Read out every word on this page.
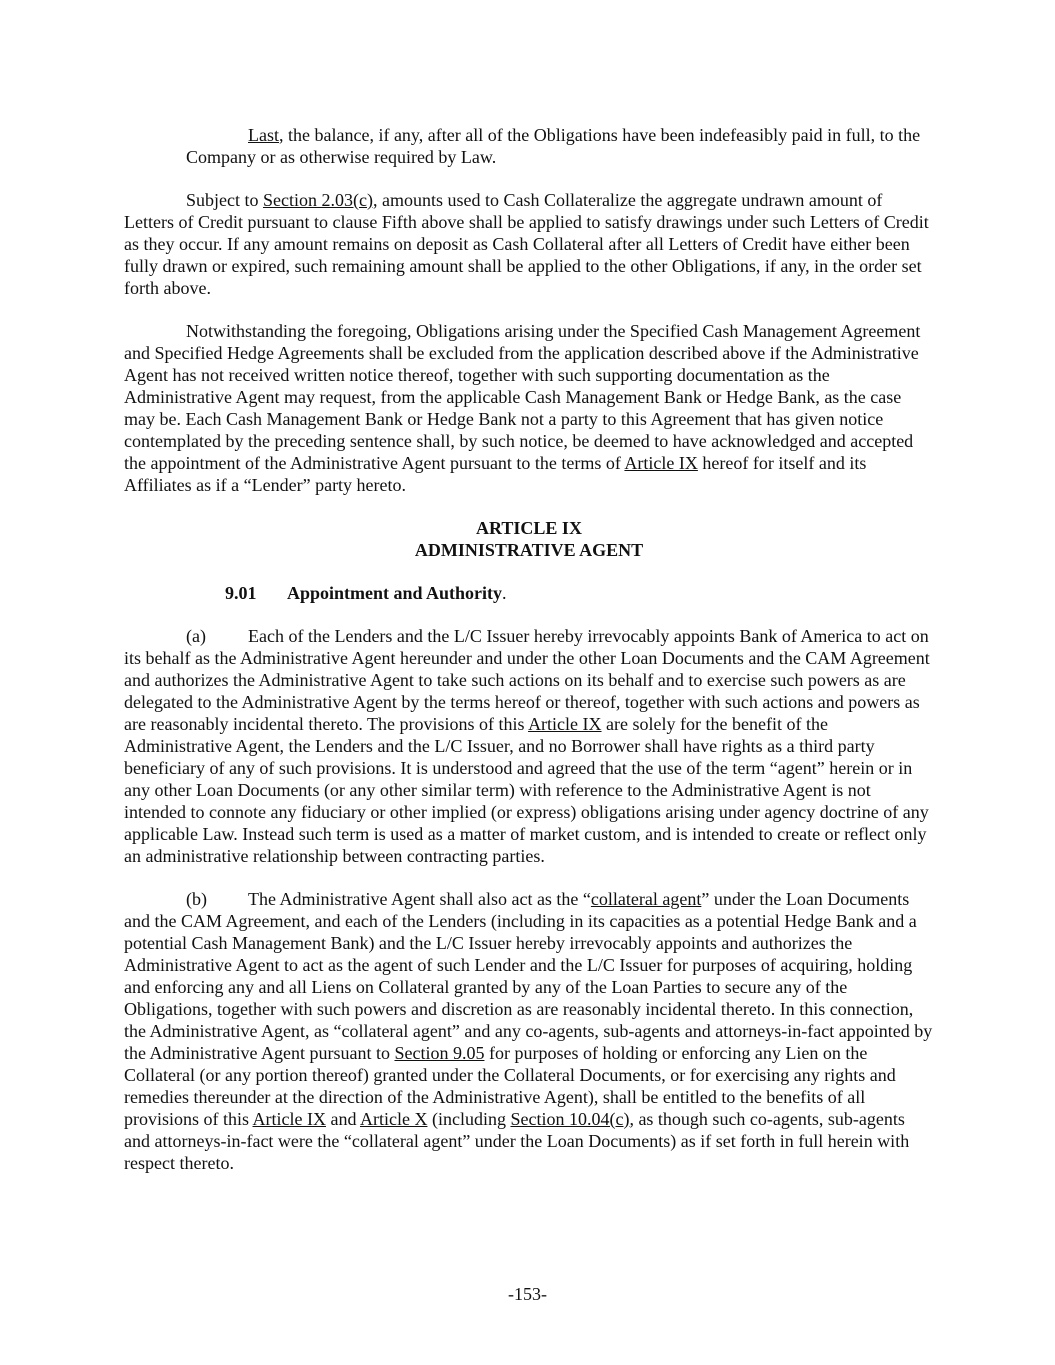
Last, the balance, if any, after all of the Obligations have been indefeasibly paid in full, to the Company or as otherwise required by Law.

Subject to Section 2.03(c), amounts used to Cash Collateralize the aggregate undrawn amount of Letters of Credit pursuant to clause Fifth above shall be applied to satisfy drawings under such Letters of Credit as they occur. If any amount remains on deposit as Cash Collateral after all Letters of Credit have either been fully drawn or expired, such remaining amount shall be applied to the other Obligations, if any, in the order set forth above.

Notwithstanding the foregoing, Obligations arising under the Specified Cash Management Agreement and Specified Hedge Agreements shall be excluded from the application described above if the Administrative Agent has not received written notice thereof, together with such supporting documentation as the Administrative Agent may request, from the applicable Cash Management Bank or Hedge Bank, as the case may be. Each Cash Management Bank or Hedge Bank not a party to this Agreement that has given notice contemplated by the preceding sentence shall, by such notice, be deemed to have acknowledged and accepted the appointment of the Administrative Agent pursuant to the terms of Article IX hereof for itself and its Affiliates as if a “Lender” party hereto.

ARTICLE IX

ADMINISTRATIVE AGENT

9.01 Appointment and Authority.

(a) Each of the Lenders and the L/C Issuer hereby irrevocably appoints Bank of America to act on its behalf as the Administrative Agent hereunder and under the other Loan Documents and the CAM Agreement and authorizes the Administrative Agent to take such actions on its behalf and to exercise such powers as are delegated to the Administrative Agent by the terms hereof or thereof, together with such actions and powers as are reasonably incidental thereto. The provisions of this Article IX are solely for the benefit of the Administrative Agent, the Lenders and the L/C Issuer, and no Borrower shall have rights as a third party beneficiary of any of such provisions. It is understood and agreed that the use of the term “agent” herein or in any other Loan Documents (or any other similar term) with reference to the Administrative Agent is not intended to connote any fiduciary or other implied (or express) obligations arising under agency doctrine of any applicable Law. Instead such term is used as a matter of market custom, and is intended to create or reflect only an administrative relationship between contracting parties.

(b) The Administrative Agent shall also act as the “collateral agent” under the Loan Documents and the CAM Agreement, and each of the Lenders (including in its capacities as a potential Hedge Bank and a potential Cash Management Bank) and the L/C Issuer hereby irrevocably appoints and authorizes the Administrative Agent to act as the agent of such Lender and the L/C Issuer for purposes of acquiring, holding and enforcing any and all Liens on Collateral granted by any of the Loan Parties to secure any of the Obligations, together with such powers and discretion as are reasonably incidental thereto. In this connection, the Administrative Agent, as “collateral agent” and any co-agents, sub-agents and attorneys-in-fact appointed by the Administrative Agent pursuant to Section 9.05 for purposes of holding or enforcing any Lien on the Collateral (or any portion thereof) granted under the Collateral Documents, or for exercising any rights and remedies thereunder at the direction of the Administrative Agent), shall be entitled to the benefits of all provisions of this Article IX and Article X (including Section 10.04(c), as though such co-agents, sub-agents and attorneys-in-fact were the “collateral agent” under the Loan Documents) as if set forth in full herein with respect thereto.

-153-
